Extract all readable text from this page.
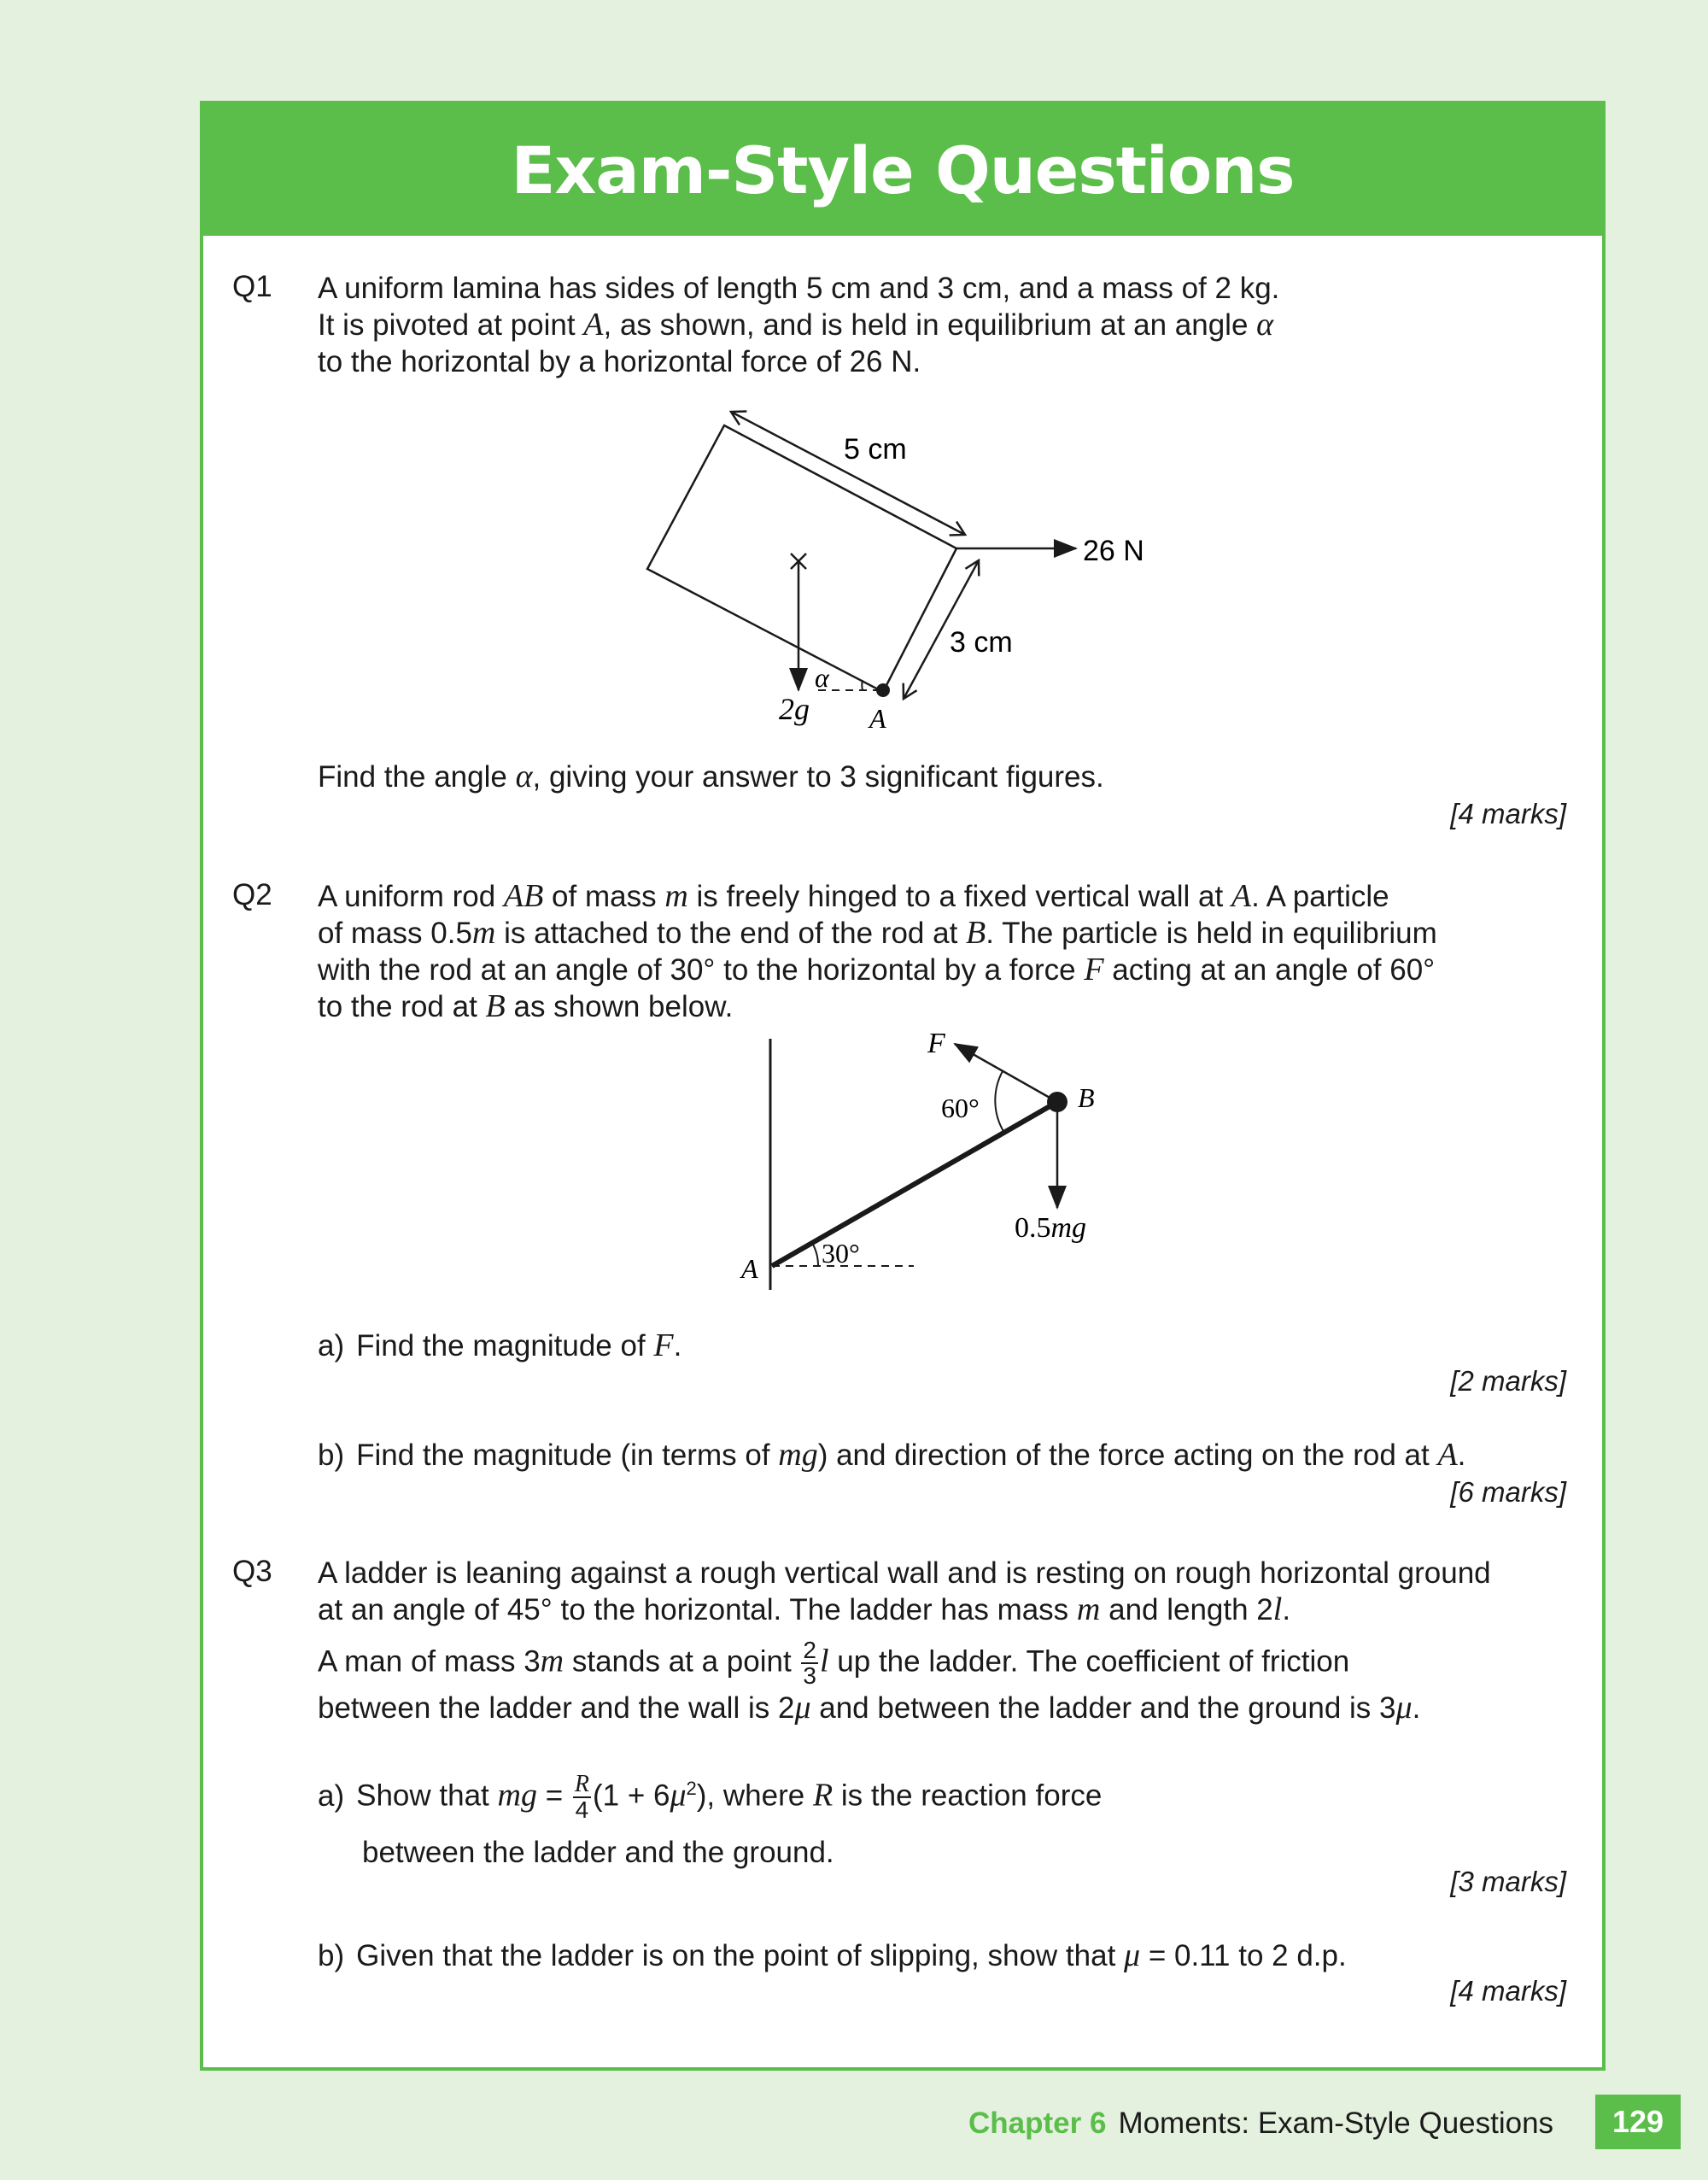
Exam-Style Questions
Q1 A uniform lamina has sides of length 5 cm and 3 cm, and a mass of 2 kg.

It is pivoted at point A, as shown, and is held in equilibrium at an angle α

to the horizontal by a horizontal force of 26 N.

5 cm
3 cm
26 N
2g
α
A

Find the angle α, giving your answer to 3 significant figures.

[4 marks]
Q2 A uniform rod AB of mass m is freely hinged to a fixed vertical wall at A. A particle

of mass 0.5m is attached to the end of the rod at B. The particle is held in equilibrium

with the rod at an angle of 30° to the horizontal by a force F acting at an angle of 60°

to the rod at B as shown below.

F
60°	B
0.5mg
30°
A

a) Find the magnitude of F.

[2 marks]

b) Find the magnitude (in terms of mg) and direction of the force acting on the rod at A.

[6 marks]
Q3 A ladder is leaning against a rough vertical wall and is resting on rough horizontal ground

at an angle of 45° to the horizontal. The ladder has mass m and length 2l.

A man of mass 3m stands at a point $\frac{2}{3}$ l up the ladder. The coefficient of friction

between the ladder and the wall is 2μ and between the ladder and the ground is 3μ.

a) Show that mg = $\frac{R}{4} (1 + 6\mu^2)$, where R is the reaction force

between the ladder and the ground.

[3 marks]

b) Given that the ladder is on the point of slipping, show that μ = 0.11 to 2 d.p.

[4 marks]
Chapter 6 Moments: Exam-Style Questions	129
